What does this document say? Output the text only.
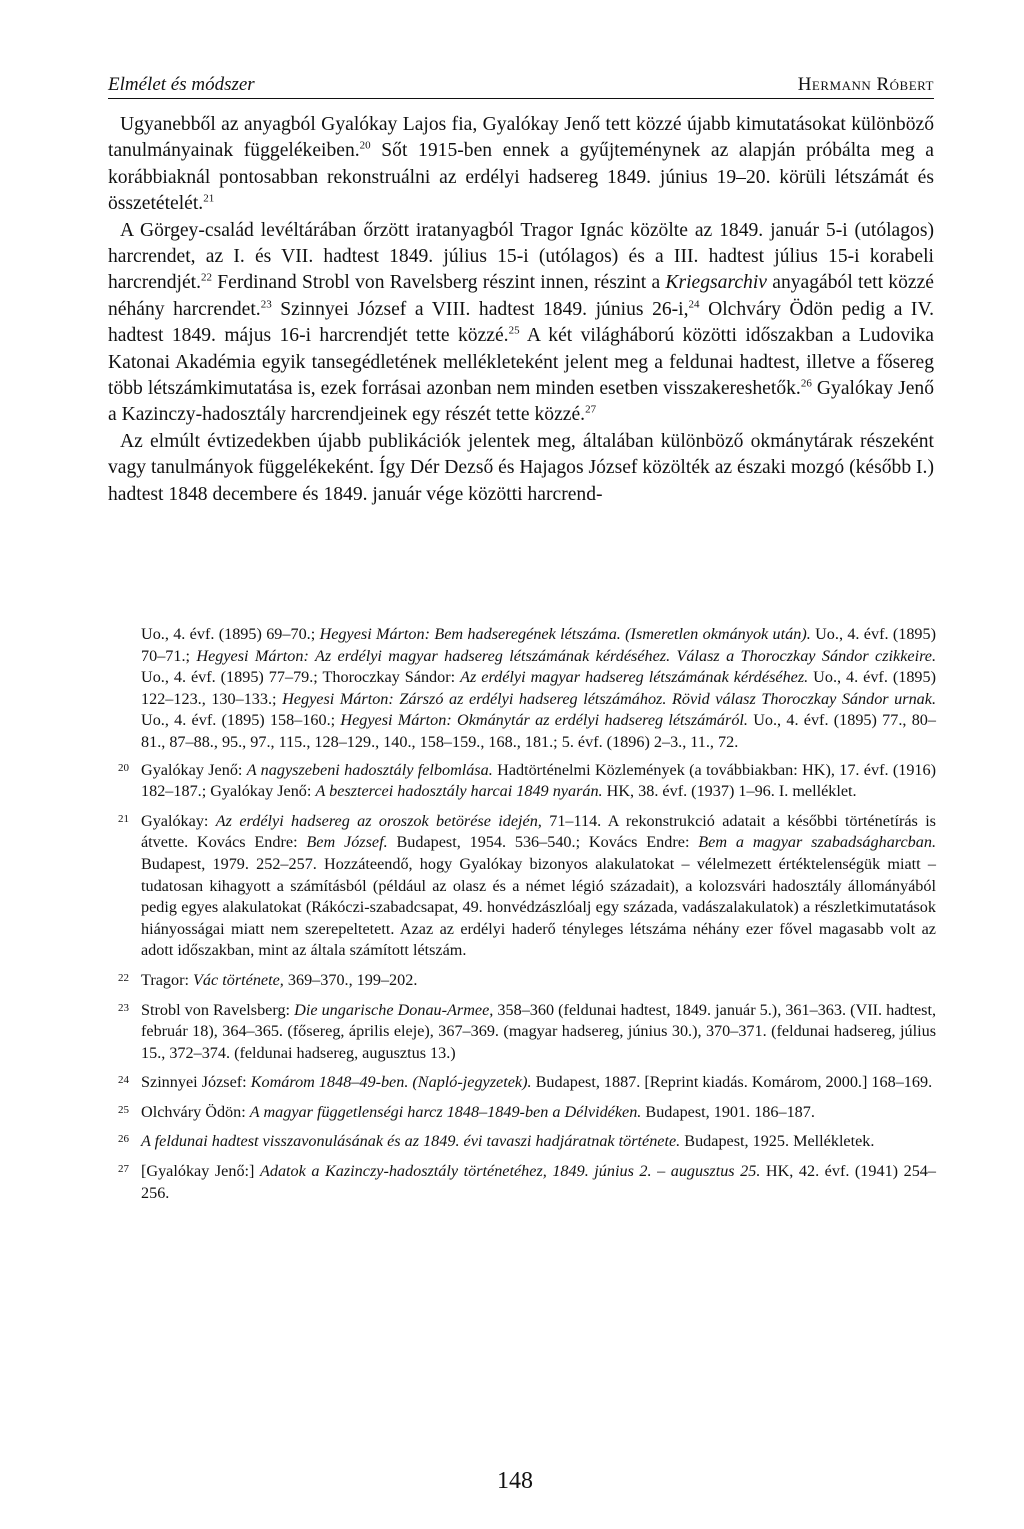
Elmélet és módszer	Hermann Róbert

Ugyanebből az anyagból Gyalókay Lajos fia, Gyalókay Jenő tett közzé újabb kimutatásokat különböző tanulmányainak függelékeiben.$^{20}$ Sőt 1915-ben ennek a gyűjteménynek az alapján próbálta meg a korábbiaknál pontosabban rekonstruálni az erdélyi hadsereg 1849. június 19–20. körüli létszámát és összetételét.$^{21}$

A Görgey-család levéltárában őrzött iratanyagból Tragor Ignác közölte az 1849. január 5-i (utólagos) harcrendet, az I. és VII. hadtest 1849. július 15-i (utólagos) és a III. hadtest július 15-i korabeli harcrendjét.$^{22}$ Ferdinand Strobl von Ravelsberg részint innen, részint a Kriegsarchiv anyagából tett közzé néhány harcrendet.$^{23}$ Szinnyei József a VIII. hadtest 1849. június 26-i,$^{24}$ Olchváry Ödön pedig a IV. hadtest 1849. május 16-i harcrendjét tette közzé.$^{25}$ A két világháború közötti időszakban a Ludovika Katonai Akadémia egyik tansegédletének mellékleteként jelent meg a feldunai hadtest, illetve a fősereg több létszámkimutatása is, ezek forrásai azonban nem minden esetben visszakereshetők.$^{26}$ Gyalókay Jenő a Kazinczy-hadosztály harcrendjeinek egy részét tette közzé.$^{27}$

Az elmúlt évtizedekben újabb publikációk jelentek meg, általában különböző okmánytárak részeként vagy tanulmányok függelékeként. Így Dér Dezső és Hajagos József közölték az északi mozgó (később I.) hadtest 1848 decembere és 1849. január vége közötti harcrend-

Uo., 4. évf. (1895) 69–70.; Hegyesi Márton: Bem hadseregének létszáma. (Ismeretlen okmányok után). Uo., 4. évf. (1895) 70–71.; Hegyesi Márton: Az erdélyi magyar hadsereg létszámának kérdéséhez. Válasz a Thoroczkay Sándor czikkeire. Uo., 4. évf. (1895) 77–79.; Thoroczkay Sándor: Az erdélyi magyar hadsereg létszámának kérdéséhez. Uo., 4. évf. (1895) 122–123., 130–133.; Hegyesi Márton: Zárszó az erdélyi hadsereg létszámához. Rövid válasz Thoroczkay Sándor urnak. Uo., 4. évf. (1895) 158–160.; Hegyesi Márton: Okmánytár az erdélyi hadsereg létszámáról. Uo., 4. évf. (1895) 77., 80–81., 87–88., 95., 97., 115., 128–129., 140., 158–159., 168., 181.; 5. évf. (1896) 2–3., 11., 72.
20 Gyalókay Jenő: A nagyszebeni hadosztály felbomlása. Hadtörténelmi Közlemények (a továbbiakban: HK), 17. évf. (1916) 182–187.; Gyalókay Jenő: A besztercei hadosztály harcai 1849 nyarán. HK, 38. évf. (1937) 1–96. I. melléklet.
21 Gyalókay: Az erdélyi hadsereg az oroszok betörése idején, 71–114. A rekonstrukció adatait a későbbi történetírás is átvette. Kovács Endre: Bem József. Budapest, 1954. 536–540.; Kovács Endre: Bem a magyar szabadságharcban. Budapest, 1979. 252–257. Hozzáteendő, hogy Gyalókay bizonyos alakulatokat – vélelmezett értéktelenségük miatt – tudatosan kihagyott a számításból (például az olasz és a német légió századait), a kolozsvári hadosztály állományából pedig egyes alakulatokat (Rákóczi-szabadcsapat, 49. honvédzászlóalj egy százada, vadászalakulatok) a részletkimutatások hiányosságai miatt nem szerepeltetett. Azaz az erdélyi haderő tényleges létszáma néhány ezer fővel magasabb volt az adott időszakban, mint az általa számított létszám.
22 Tragor: Vác története, 369–370., 199–202.
23 Strobl von Ravelsberg: Die ungarische Donau-Armee, 358–360 (feldunai hadtest, 1849. január 5.), 361–363. (VII. hadtest, február 18), 364–365. (fősereg, április eleje), 367–369. (magyar hadsereg, június 30.), 370–371. (feldunai hadsereg, július 15., 372–374. (feldunai hadsereg, augusztus 13.)
24 Szinnyei József: Komárom 1848–49-ben. (Napló-jegyzetek). Budapest, 1887. [Reprint kiadás. Komárom, 2000.] 168–169.
25 Olchváry Ödön: A magyar függetlenségi harcz 1848–1849-ben a Délvidéken. Budapest, 1901. 186–187.
26 A feldunai hadtest visszavonulásának és az 1849. évi tavaszi hadjáratnak története. Budapest, 1925. Mellékletek.
27 [Gyalókay Jenő:] Adatok a Kazinczy-hadosztály történetéhez, 1849. június 2. – augusztus 25. HK, 42. évf. (1941) 254–256.
148
